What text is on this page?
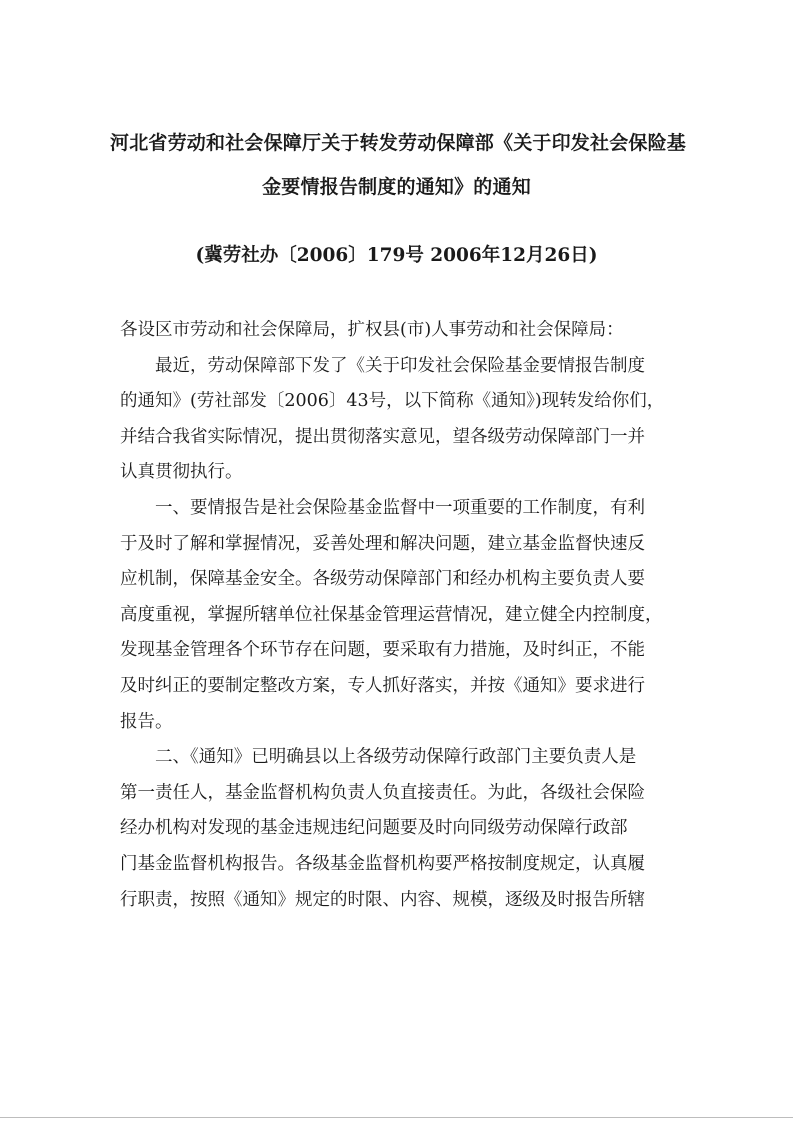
河北省劳动和社会保障厅关于转发劳动保障部《关于印发社会保险基
金要情报告制度的通知》的通知
(冀劳社办〔2006〕179号 2006年12月26日)
各设区市劳动和社会保障局，扩权县(市)人事劳动和社会保障局：
　　最近，劳动保障部下发了《关于印发社会保险基金要情报告制度
的通知》(劳社部发〔2006〕43号，以下简称《通知》)现转发给你们，
并结合我省实际情况，提出贯彻落实意见，望各级劳动保障部门一并
认真贯彻执行。
　　一、要情报告是社会保险基金监督中一项重要的工作制度，有利
于及时了解和掌握情况，妥善处理和解决问题，建立基金监督快速反
应机制，保障基金安全。各级劳动保障部门和经办机构主要负责人要
高度重视，掌握所辖单位社保基金管理运营情况，建立健全内控制度，
发现基金管理各个环节存在问题，要采取有力措施，及时纠正，不能
及时纠正的要制定整改方案，专人抓好落实，并按《通知》要求进行
报告。
　　二、《通知》已明确县以上各级劳动保障行政部门主要负责人是
第一责任人，基金监督机构负责人负直接责任。为此，各级社会保险
经办机构对发现的基金违规违纪问题要及时向同级劳动保障行政部
门基金监督机构报告。各级基金监督机构要严格按制度规定，认真履
行职责，按照《通知》规定的时限、内容、规模，逐级及时报告所辖
